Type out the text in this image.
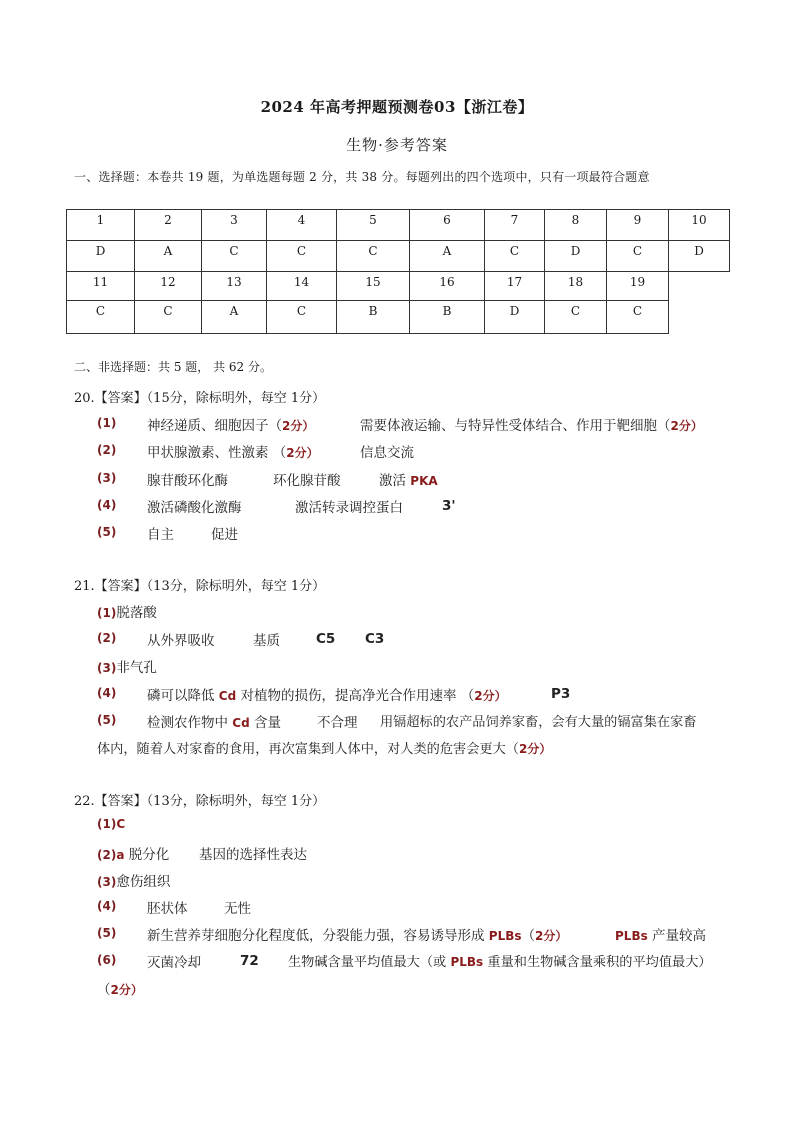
2024 年高考押题预测卷03【浙江卷】
生物·参考答案
一、选择题：本卷共 19 题，为单选题每题 2 分，共 38 分。每题列出的四个选项中，只有一项最符合题意
1	2	3	4	5	6	7	8	9	10
D	A	C	C	C	A	C	D	C	D
11	12	13	14	15	16	17	18	19	
C	C	A	C	B	B	D	C	C	
二、非选择题：共 5 题， 共 62 分。
20.【答案】（15分，除标明外，每空 1分）
(1) 神经递质、细胞因子（2分）	需要体液运输、与特异性受体结合、作用于靶细胞（2分）
(2) 甲状腺激素、性激素 （2分）	信息交流
(3) 腺苷酸环化酶	环化腺苷酸	激活 PKA
(4) 激活磷酸化激酶	激活转录调控蛋白	3'
(5) 自主	促进
21.【答案】（13分，除标明外，每空 1分）
(1)脱落酸
(2) 从外界吸收	基质	C5 C3
(3)非气孔
(4) 磷可以降低 Cd 对植物的损伤，提高净光合作用速率 （2分）	P3
(5) 检测农作物中 Cd 含量	不合理 用镉超标的农产品饲养家畜，会有大量的镉富集在家畜
体内，随着人对家畜的食用，再次富集到人体中，对人类的危害会更大（2分）
22.【答案】（13分，除标明外，每空 1分）
(1)C
(2)a 脱分化 基因的选择性表达
(3)愈伤组织
(4) 胚状体	无性
(5) 新生营养芽细胞分化程度低，分裂能力强，容易诱导形成 PLBs（2分）	PLBs 产量较高
(6) 灭菌冷却	72 生物碱含量平均值最大（或 PLBs 重量和生物碱含量乘积的平均值最大）
（2分）
